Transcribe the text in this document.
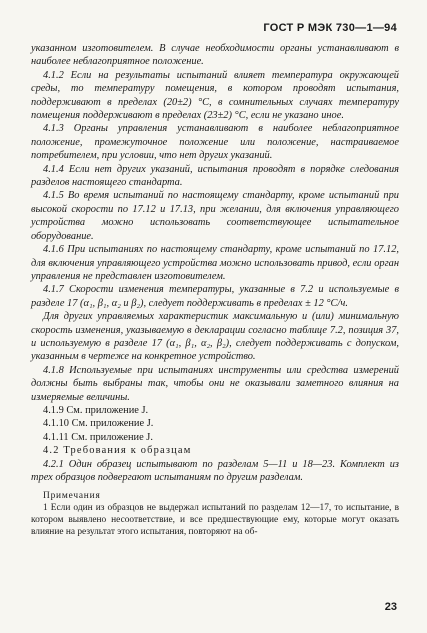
ГОСТ Р МЭК 730—1—94

указанном изготовителем. В случае необходимости органы устанавливают в наиболее неблагоприятное положение.

4.1.2 Если на результаты испытаний влияет температура окружающей среды, то температуру помещения, в котором проводят испытания, поддерживают в пределах (20±2) °С, в сомнительных случаях температуру помещения поддерживают в пределах (23±2) °С, если не указано иное.

4.1.3 Органы управления устанавливают в наиболее неблагоприятное положение, промежуточное положение или положение, настраиваемое потребителем, при условии, что нет других указаний.

4.1.4 Если нет других указаний, испытания проводят в порядке следования разделов настоящего стандарта.

4.1.5 Во время испытаний по настоящему стандарту, кроме испытаний при высокой скорости по 17.12 и 17.13, при желании, для включения управляющего устройства можно использовать соответствующее испытательное оборудование.

4.1.6 При испытаниях по настоящему стандарту, кроме испытаний по 17.12, для включения управляющего устройства можно использовать привод, если орган управления не представлен изготовителем.

4.1.7 Скорости изменения температуры, указанные в 7.2 и используемые в разделе 17 (α₁, β₁, α₂ и β₂), следует поддерживать в пределах ± 12 °С/ч.

Для других управляемых характеристик максимальную и (или) минимальную скорость изменения, указываемую в декларации согласно таблице 7.2, позиция 37, и используемую в разделе 17 (α₁, β₁, α₂, β₂), следует поддерживать с допуском, указанным в чертеже на конкретное устройство.

4.1.8 Используемые при испытаниях инструменты или средства измерений должны быть выбраны так, чтобы они не оказывали заметного влияния на измеряемые величины.

4.1.9 См. приложение J.

4.1.10 См. приложение J.

4.1.11 См. приложение J.

4.2 Требования к образцам

4.2.1 Один образец испытывают по разделам 5—11 и 18—23. Комплект из трех образцов подвергают испытаниям по другим разделам.

Примечания

1 Если один из образцов не выдержал испытаний по разделам 12—17, то испытание, в котором выявлено несоответствие, и все предшествующие ему, которые могут оказать влияние на результат этого испытания, повторяют на об-

23
